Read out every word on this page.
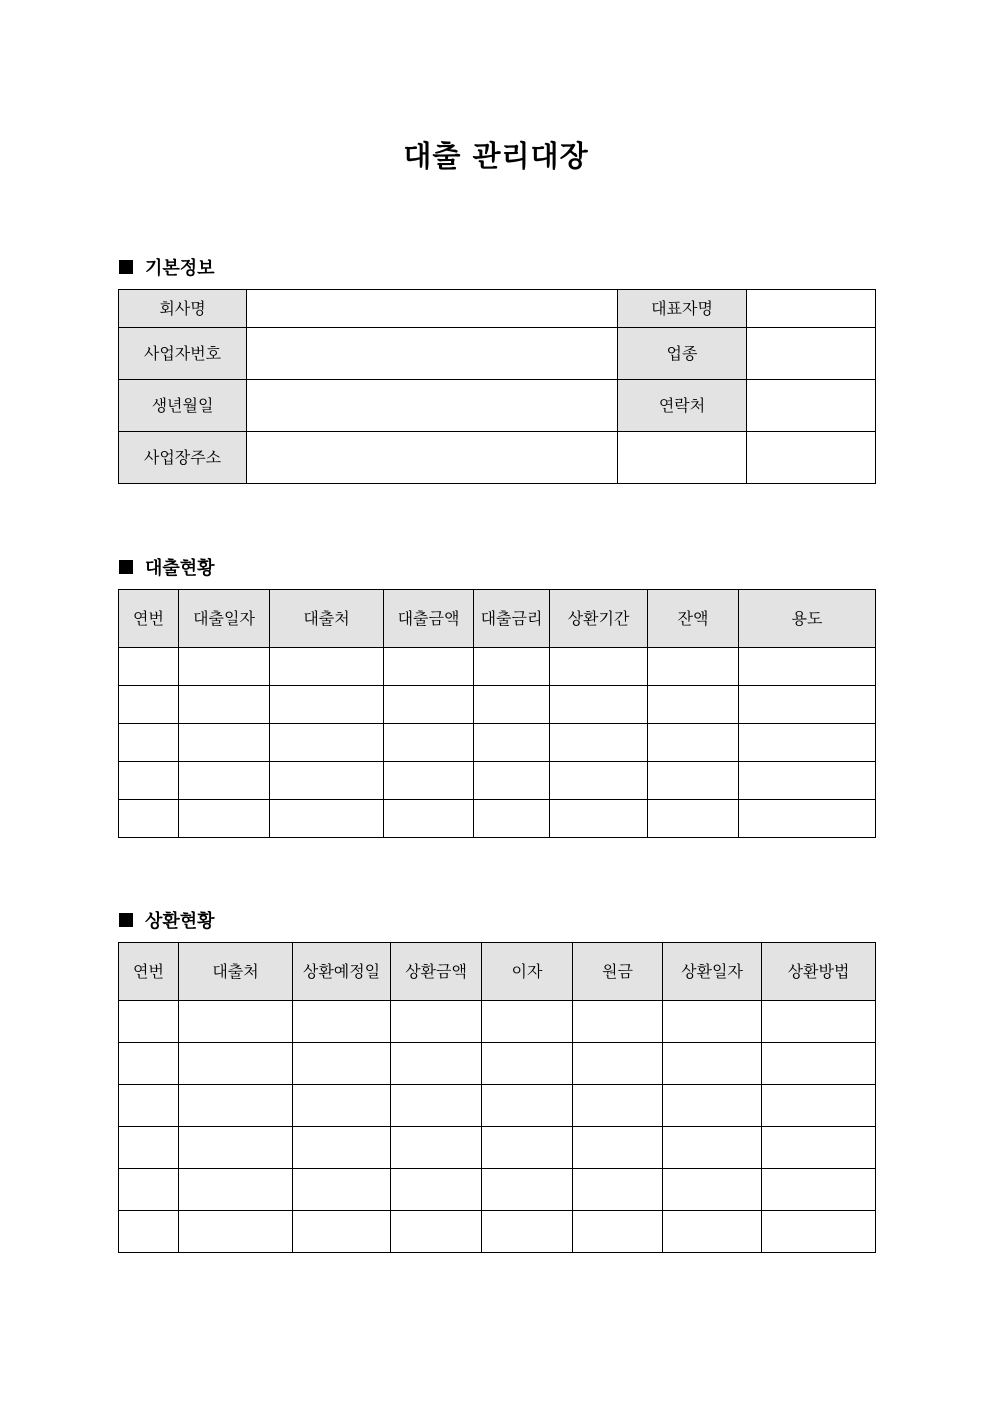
대출 관리대장
기본정보
회사명		대표자명	
사업자번호		업종	
생년월일		연락처	
사업장주소			
대출현황
연번	대출일자	대출처	대출금액	대출금리	상환기간	잔액	용도

상환현황
연번	대출처	상환예정일	상환금액	이자	원금	상환일자	상환방법
